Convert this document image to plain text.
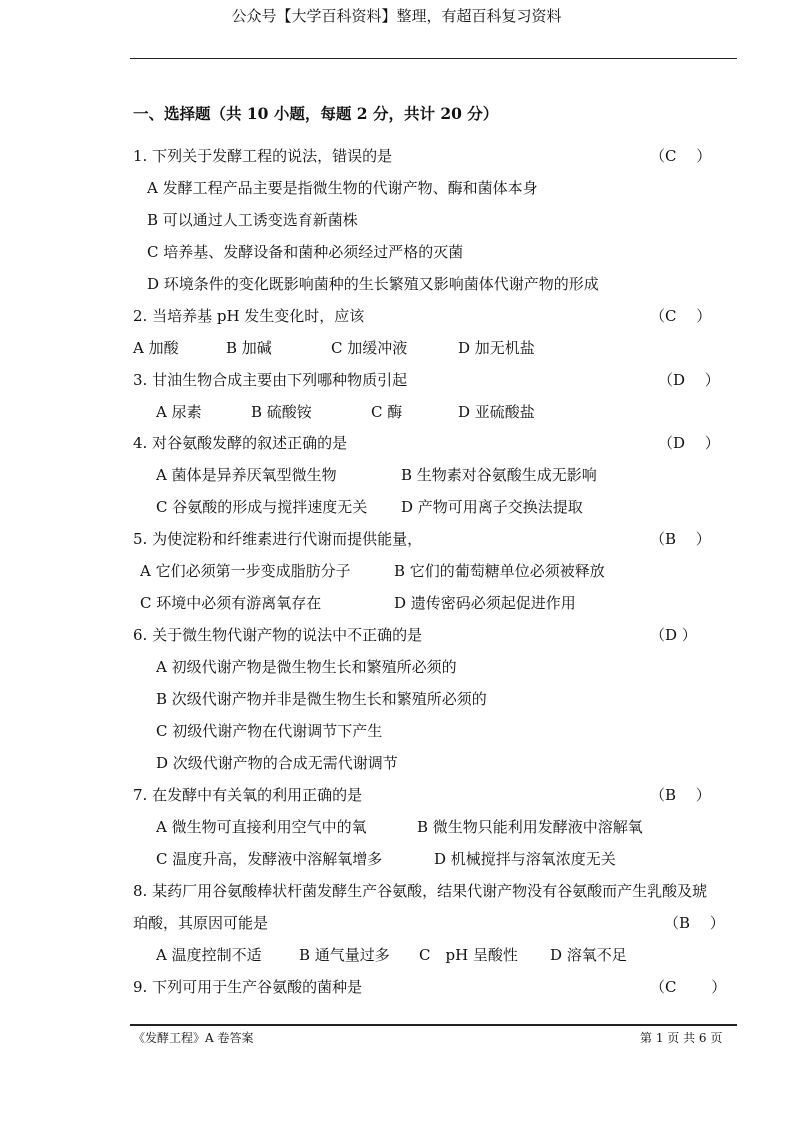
公众号【大学百科资料】整理，有超百科复习资料
一、选择题（共 10 小题，每题 2 分，共计 20 分）
1. 下列关于发酵工程的说法，错误的是	（C　 ）
A 发酵工程产品主要是指微生物的代谢产物、酶和菌体本身
B 可以通过人工诱变选育新菌株
C 培养基、发酵设备和菌种必须经过严格的灭菌
D 环境条件的变化既影响菌种的生长繁殖又影响菌体代谢产物的形成
2. 当培养基 pH 发生变化时，应该	（C　 ）
A 加酸	B 加碱	C 加缓冲液	D 加无机盐
3. 甘油生物合成主要由下列哪种物质引起	（D　 ）
A 尿素	B 硫酸铵	C 酶	D 亚硫酸盐
4. 对谷氨酸发酵的叙述正确的是	（D　 ）
A 菌体是异养厌氧型微生物	B 生物素对谷氨酸生成无影响
C 谷氨酸的形成与搅拌速度无关 D 产物可用离子交换法提取
5. 为使淀粉和纤维素进行代谢而提供能量，	（B　 ）
A 它们必须第一步变成脂肪分子	B 它们的葡萄糖单位必须被释放
C 环境中必须有游离氧存在	D 遗传密码必须起促进作用
6. 关于微生物代谢产物的说法中不正确的是	（D ）
A 初级代谢产物是微生物生长和繁殖所必须的
B 次级代谢产物并非是微生物生长和繁殖所必须的
C 初级代谢产物在代谢调节下产生
D 次级代谢产物的合成无需代谢调节
7. 在发酵中有关氧的利用正确的是	（B　 ）
A 微生物可直接利用空气中的氧	B 微生物只能利用发酵液中溶解氧
C 温度升高，发酵液中溶解氧增多	D 机械搅拌与溶氧浓度无关
8. 某药厂用谷氨酸棒状杆菌发酵生产谷氨酸，结果代谢产物没有谷氨酸而产生乳酸及琥
珀酸，其原因可能是	（B　 ）
A 温度控制不适 B 通气量过多 C　pH 呈酸性 D 溶氧不足
9. 下列可用于生产谷氨酸的菌种是	（C　　 ）
《发酵工程》A 卷答案	第 1 页 共 6 页
